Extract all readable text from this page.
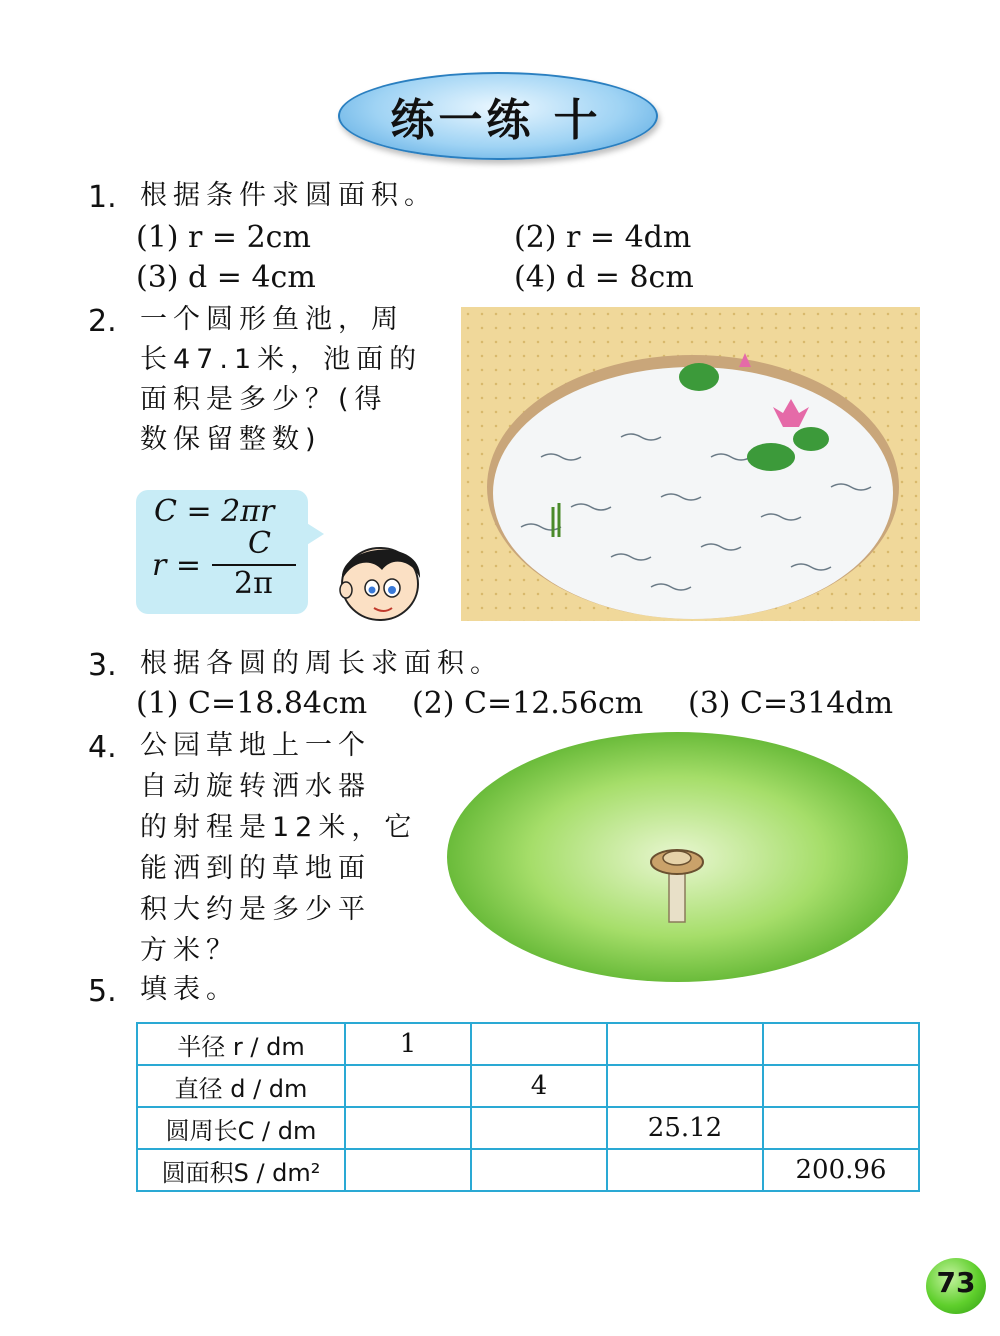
练一练 十
1. 根据条件求圆面积。
(1) r = 2cm	(2) r = 4dm
(3) d = 4cm	(4) d = 8cm
2. 一个圆形鱼池，周
长47.1米，池面的
面积是多少？(得
数保留整数)
C = 2πr
r =
C
2π
3. 根据各圆的周长求面积。
(1) C=18.84cm (2) C=12.56cm (3) C=314dm
4. 公园草地上一个
自动旋转洒水器
的射程是12米，它
能洒到的草地面
积大约是多少平
方米？
5. 填表。
半径 r / dm	1			
直径 d / dm		4		
圆周长C / dm			25.12	
圆面积S / dm²				200.96
73
